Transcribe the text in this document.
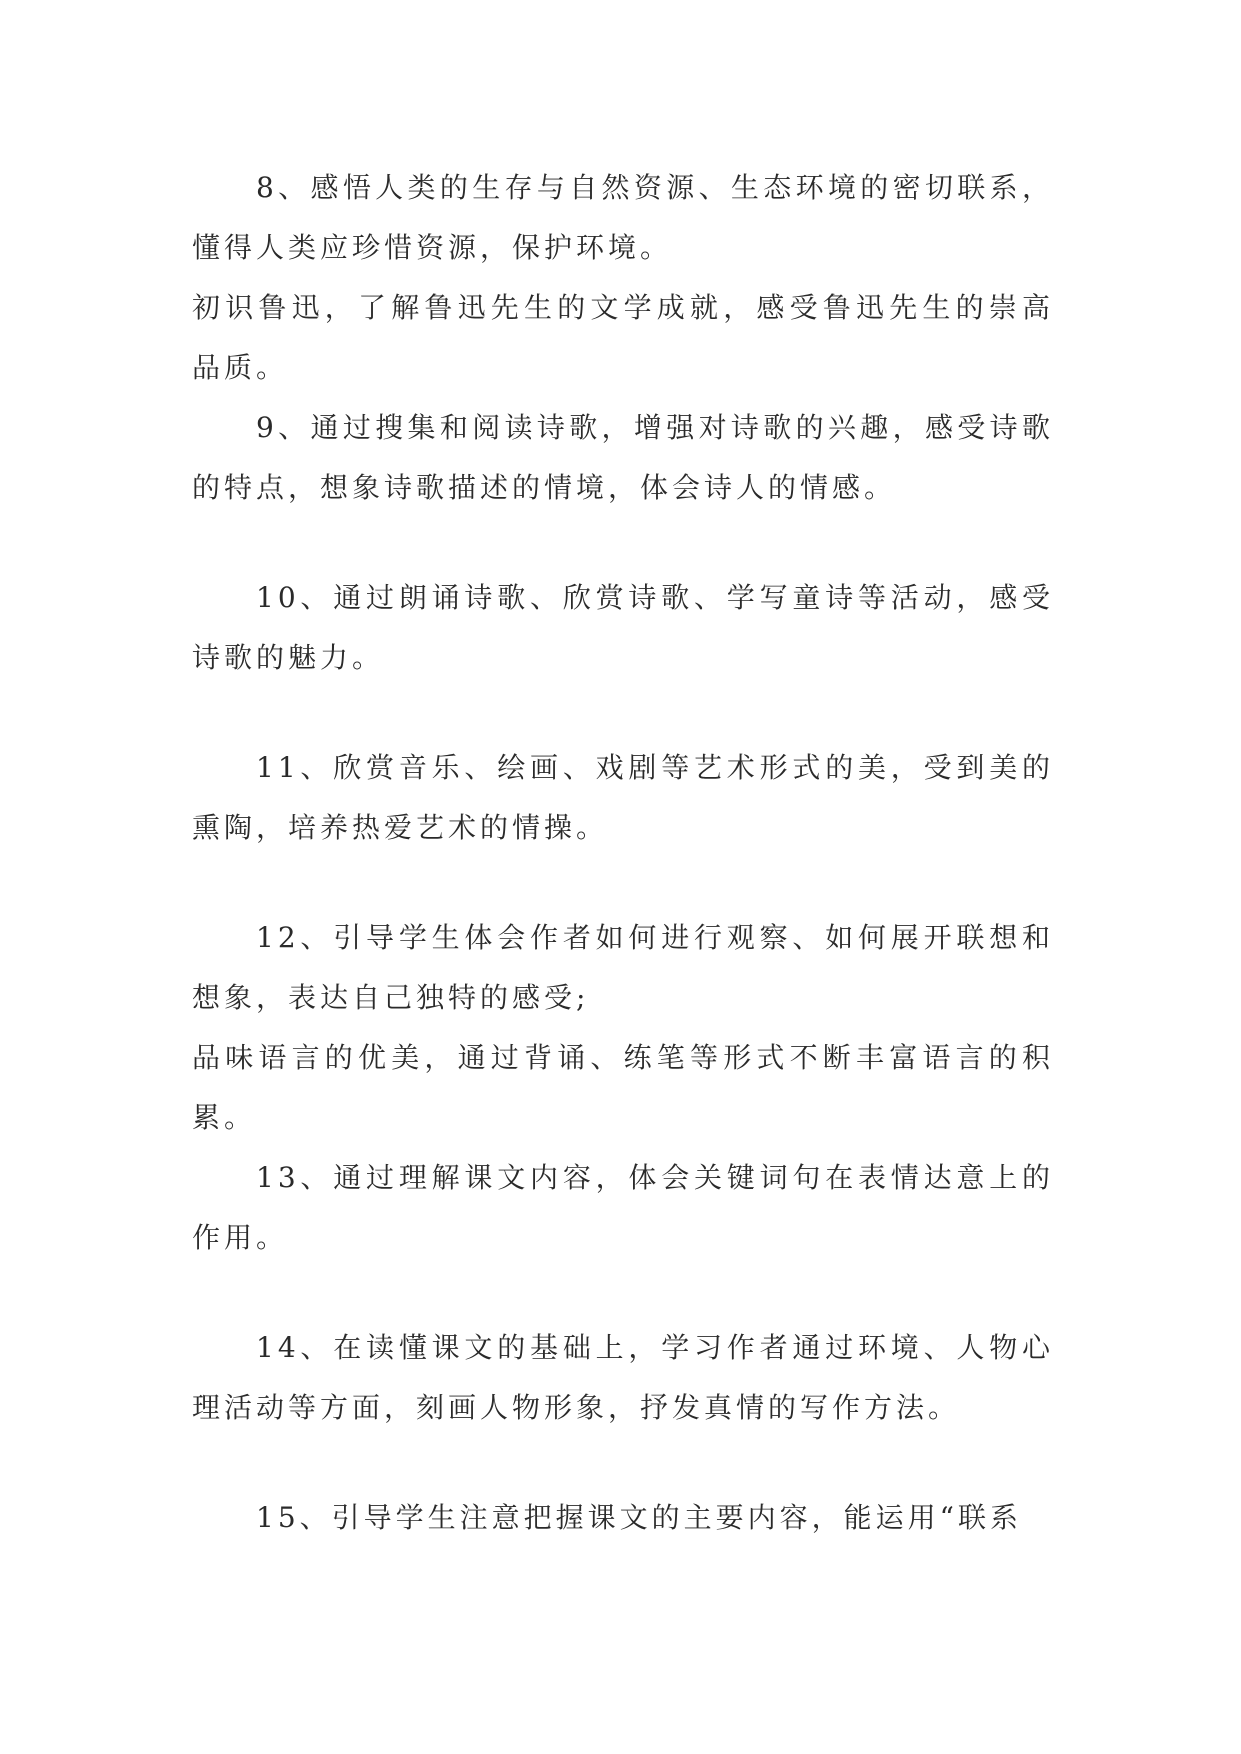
8、感悟人类的生存与自然资源、生态环境的密切联系，懂得人类应珍惜资源，保护环境。

初识鲁迅，了解鲁迅先生的文学成就，感受鲁迅先生的崇高品质。

9、通过搜集和阅读诗歌，增强对诗歌的兴趣，感受诗歌的特点，想象诗歌描述的情境，体会诗人的情感。

10、通过朗诵诗歌、欣赏诗歌、学写童诗等活动，感受诗歌的魅力。

11、欣赏音乐、绘画、戏剧等艺术形式的美，受到美的熏陶，培养热爱艺术的情操。

12、引导学生体会作者如何进行观察、如何展开联想和想象，表达自己独特的感受;

品味语言的优美，通过背诵、练笔等形式不断丰富语言的积累。

13、通过理解课文内容，体会关键词句在表情达意上的作用。

14、在读懂课文的基础上，学习作者通过环境、人物心理活动等方面，刻画人物形象，抒发真情的写作方法。

15、引导学生注意把握课文的主要内容，能运用“联系
